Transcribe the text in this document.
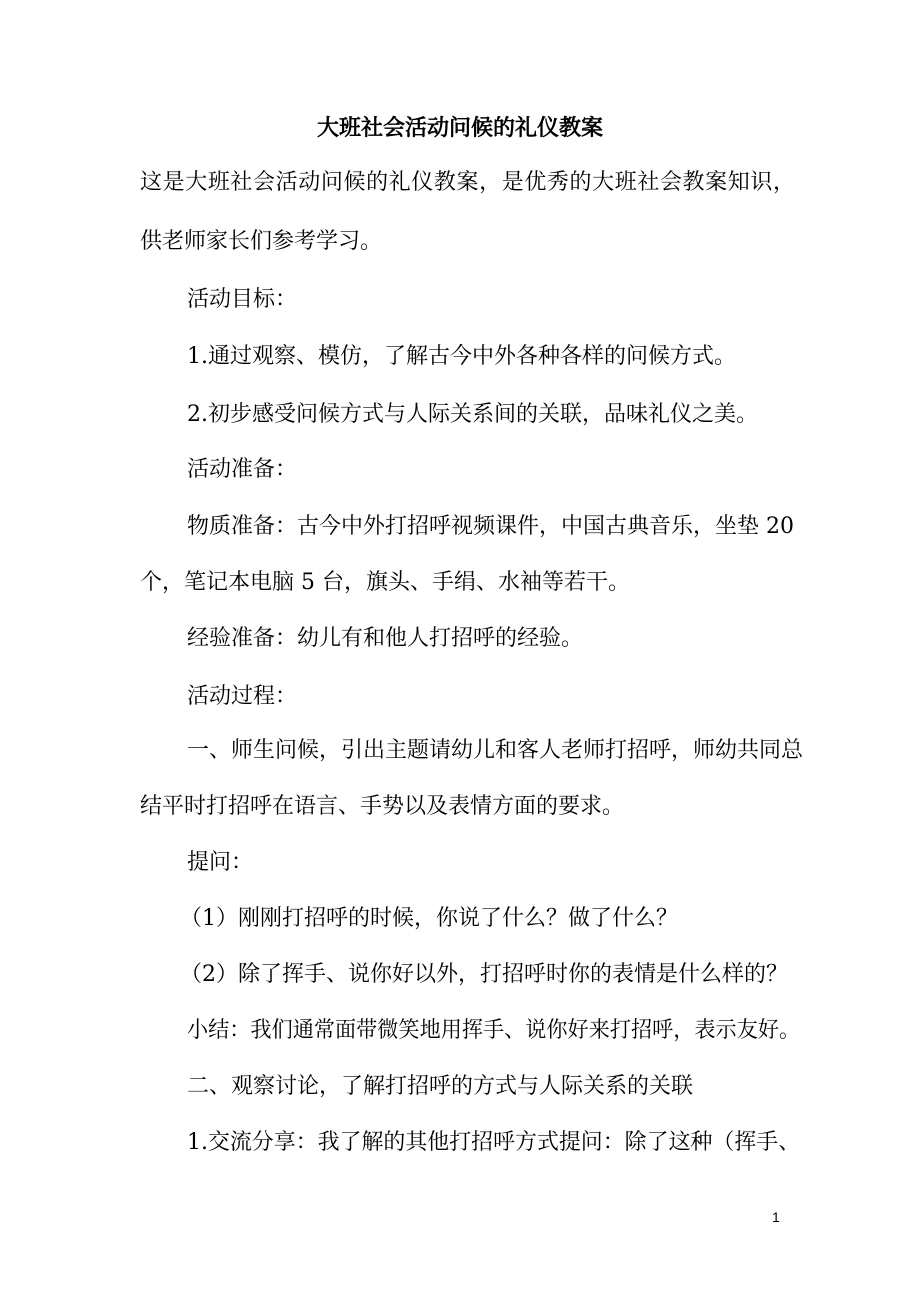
大班社会活动问候的礼仪教案
这是大班社会活动问候的礼仪教案，是优秀的大班社会教案知识，
供老师家长们参考学习。
活动目标：
1.通过观察、模仿，了解古今中外各种各样的问候方式。
2.初步感受问候方式与人际关系间的关联，品味礼仪之美。
活动准备：
物质准备：古今中外打招呼视频课件，中国古典音乐，坐垫 20
个，笔记本电脑 5 台，旗头、手绢、水袖等若干。
经验准备：幼儿有和他人打招呼的经验。
活动过程：
一、师生问候，引出主题请幼儿和客人老师打招呼，师幼共同总
结平时打招呼在语言、手势以及表情方面的要求。
提问：
（1）刚刚打招呼的时候，你说了什么？做了什么？
（2）除了挥手、说你好以外，打招呼时你的表情是什么样的？
小结：我们通常面带微笑地用挥手、说你好来打招呼，表示友好。
二、观察讨论，了解打招呼的方式与人际关系的关联
1.交流分享：我了解的其他打招呼方式提问：除了这种（挥手、
1
